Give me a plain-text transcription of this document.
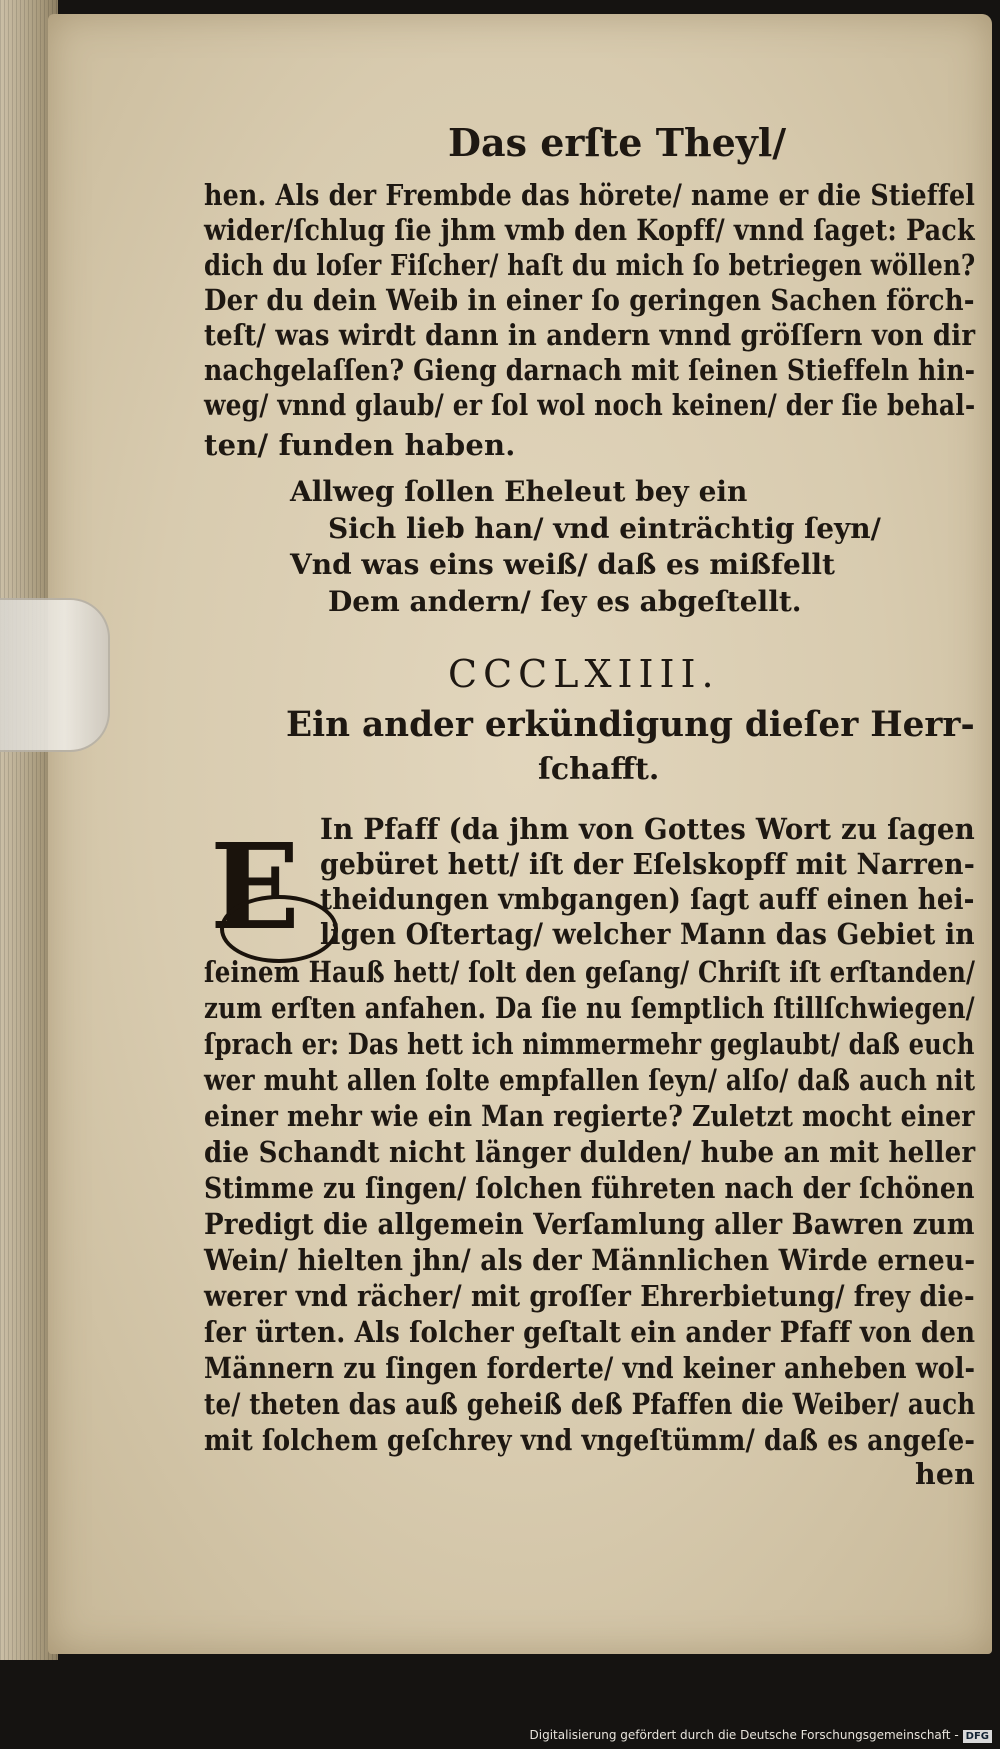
Das erſte Theyl/
hen. Als der Frembde das hörete/ name er die Stieffel
wider/ſchlug ſie jhm vmb den Kopff/ vnnd ſaget: Pack
dich du loſer Fiſcher/ haſt du mich ſo betriegen wöllen?
Der du dein Weib in einer ſo geringen Sachen förch-
teſt/ was wirdt dann in andern vnnd gröſſern von dir
nachgelaſſen? Gieng darnach mit ſeinen Stieffeln hin-
weg/ vnnd glaub/ er ſol wol noch keinen/ der ſie behal-
ten/ funden haben.
Allweg ſollen Eheleut bey ein
Sich lieb han/ vnd einträchtig ſeyn/
Vnd was eins weiß/ daß es mißfellt
Dem andern/ ſey es abgeſtellt.
CCCLXIIII.
Ein ander erkündigung dieſer Herr-
ſchafft.
E In Pfaff (da jhm von Gottes Wort zu ſagen
gebüret hett/ iſt der Eſelskopff mit Narren-
theidungen vmbgangen) ſagt auff einen hei-
ligen Oſtertag/ welcher Mann das Gebiet in
ſeinem Hauß hett/ ſolt den geſang/ Chriſt iſt erſtanden/
zum erſten anfahen. Da ſie nu ſemptlich ſtillſchwiegen/
ſprach er: Das hett ich nimmermehr geglaubt/ daß euch
wer muht allen ſolte empfallen ſeyn/ alſo/ daß auch nit
einer mehr wie ein Man regierte? Zuletzt mocht einer
die Schandt nicht länger dulden/ hube an mit heller
Stimme zu ſingen/ ſolchen führeten nach der ſchönen
Predigt die allgemein Verſamlung aller Bawren zum
Wein/ hielten jhn/ als der Männlichen Wirde erneu-
werer vnd rächer/ mit groſſer Ehrerbietung/ frey die-
ſer ürten. Als ſolcher geſtalt ein ander Pfaff von den
Männern zu ſingen forderte/ vnd keiner anheben wol-
te/ theten das auß geheiß deß Pfaffen die Weiber/ auch
mit ſolchem geſchrey vnd vngeſtümm/ daß es angeſe-
hen
Digitalisierung gefördert durch die Deutsche Forschungsgemeinschaft - DFG
